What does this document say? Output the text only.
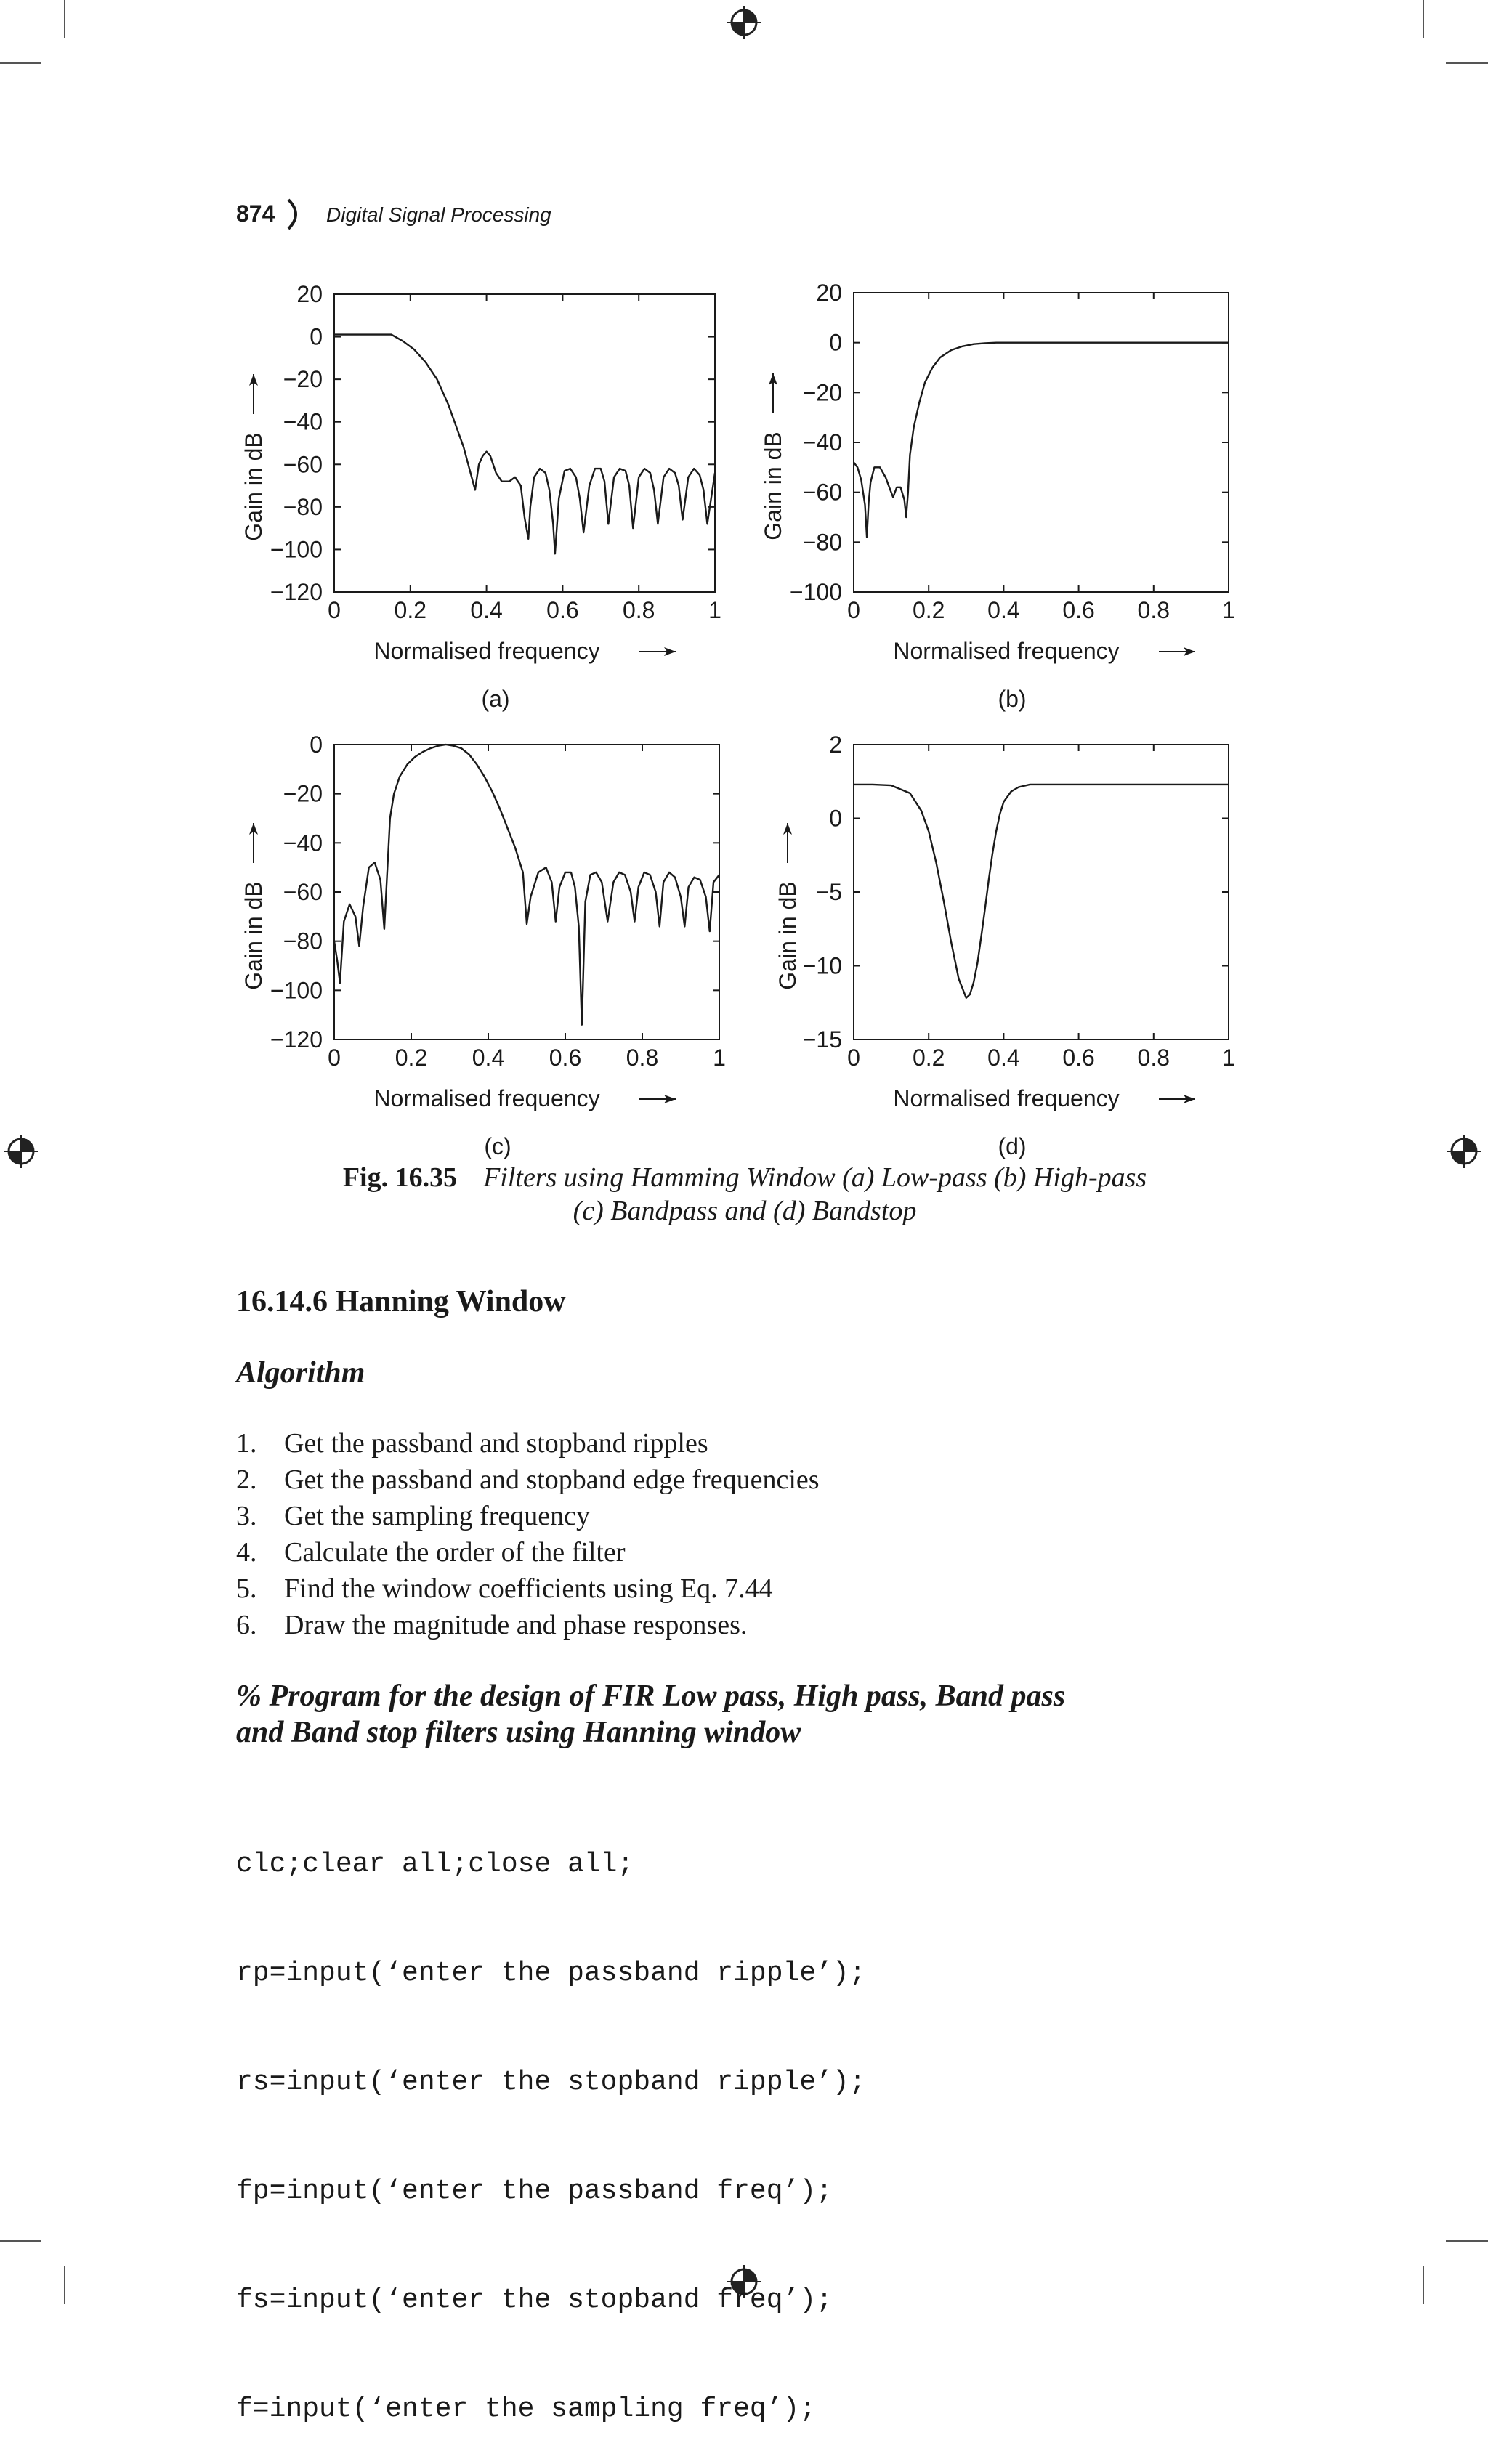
874	Digital Signal Processing
0 0.2 0.4 0.6 0.8 1
20
0
−20
−40
−60
−80
−100
−120
Normalised frequency
Gain in dB
(a)
0 0.2 0.4 0.6 0.8 1
20
0
−20
−40
−60
−80
−100
Normalised frequency
Gain in dB
(b)
0 0.2 0.4 0.6 0.8 1
0
−20
−40
−60
−80
−100
−120
Normalised frequency
Gain in dB
(c)
0 0.2 0.4 0.6 0.8 1
2
0
−5
−10
−15
Normalised frequency
Gain in dB
(d)
Fig. 16.35 Filters using Hamming Window (a) Low-pass (b) High-pass
(c) Bandpass and (d) Bandstop
16.14.6 Hanning Window
Algorithm
1. Get the passband and stopband ripples
2. Get the passband and stopband edge frequencies
3. Get the sampling frequency
4. Calculate the order of the filter
5. Find the window coefficients using Eq. 7.44
6. Draw the magnitude and phase responses.
% Program for the design of FIR Low pass, High pass, Band pass
and Band stop filters using Hanning window

clc;clear all;close all;

rp=input(‘enter the passband ripple’);

rs=input(‘enter the stopband ripple’);

fp=input(‘enter the passband freq’);

fs=input(‘enter the stopband freq’);

f=input(‘enter the sampling freq’);
